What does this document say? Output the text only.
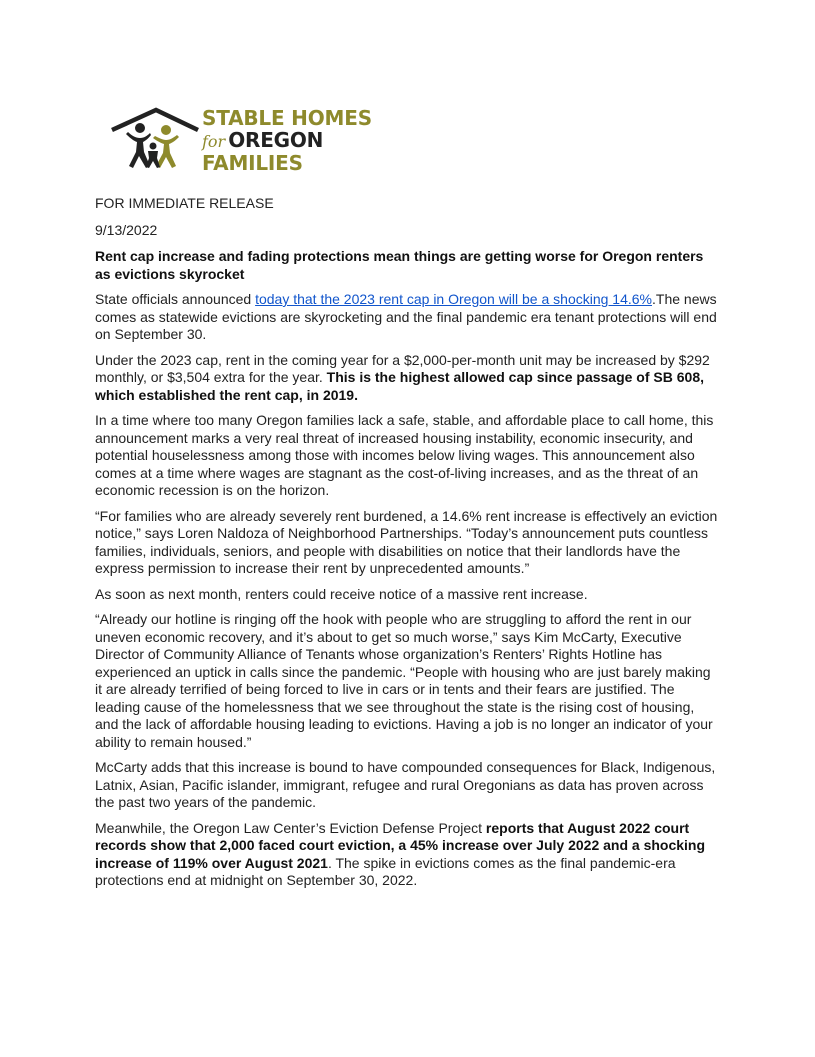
STABLE HOMES
for OREGON
FAMILIES

FOR IMMEDIATE RELEASE

9/13/2022

Rent cap increase and fading protections mean things are getting worse for Oregon renters as evictions skyrocket

State officials announced today that the 2023 rent cap in Oregon will be a shocking 14.6%.The news comes as statewide evictions are skyrocketing and the final pandemic era tenant protections will end on September 30.

Under the 2023 cap, rent in the coming year for a $2,000-per-month unit may be increased by $292 monthly, or $3,504 extra for the year. This is the highest allowed cap since passage of SB 608, which established the rent cap, in 2019.

In a time where too many Oregon families lack a safe, stable, and affordable place to call home, this announcement marks a very real threat of increased housing instability, economic insecurity, and potential houselessness among those with incomes below living wages. This announcement also comes at a time where wages are stagnant as the cost-of-living increases, and as the threat of an economic recession is on the horizon.

“For families who are already severely rent burdened, a 14.6% rent increase is effectively an eviction notice,” says Loren Naldoza of Neighborhood Partnerships. “Today’s announcement puts countless families, individuals, seniors, and people with disabilities on notice that their landlords have the express permission to increase their rent by unprecedented amounts.”

As soon as next month, renters could receive notice of a massive rent increase.

“Already our hotline is ringing off the hook with people who are struggling to afford the rent in our uneven economic recovery, and it’s about to get so much worse,” says Kim McCarty, Executive Director of Community Alliance of Tenants whose organization’s Renters’ Rights Hotline has experienced an uptick in calls since the pandemic. “People with housing who are just barely making it are already terrified of being forced to live in cars or in tents and their fears are justified. The leading cause of the homelessness that we see throughout the state is the rising cost of housing, and the lack of affordable housing leading to evictions. Having a job is no longer an indicator of your ability to remain housed.”

McCarty adds that this increase is bound to have compounded consequences for Black, Indigenous, Latnix, Asian, Pacific islander, immigrant, refugee and rural Oregonians as data has proven across the past two years of the pandemic.

Meanwhile, the Oregon Law Center’s Eviction Defense Project reports that August 2022 court records show that 2,000 faced court eviction, a 45% increase over July 2022 and a shocking increase of 119% over August 2021. The spike in evictions comes as the final pandemic-era protections end at midnight on September 30, 2022.
